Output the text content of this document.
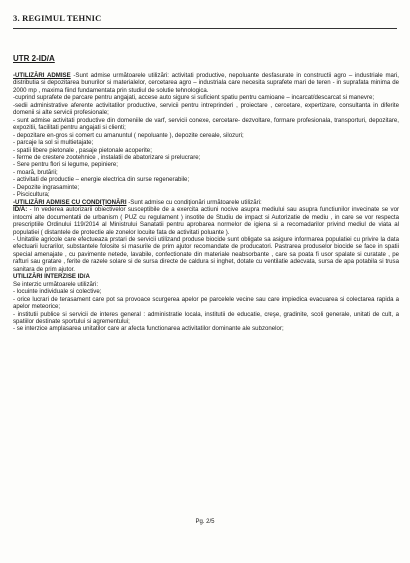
3. REGIMUL TEHNIC
UTR 2-ID/A

-UTILIZĂRI ADMISE -Sunt admise următoarele utilizări: activitati productive, nepoluante desfasurate in constructii agro – industriale mari, distributia si depozitarea bunurilor si materialelor, cercetarea agro – industriala care necesita suprafete mari de teren - in suprafata minima de 2000 mp , maxima fiind fundamentata prin studiul de solutie tehnologica.

-cuprind suprafete de parcare pentru angajati, accese auto sigure si suficient spatiu pentru camioane – incarcat/descarcat si manevre;

-sedii administrative aferente activitatilor productive, servicii pentru intreprinderi , proiectare , cercetare, expertizare, consultanta in diferite domenii si alte servicii profesionale;

- sunt admise activitati productive din domeniile de varf, servicii conexe, cercetare- dezvoltare, formare profesionala, transporturi, depozitare, expozitii, facilitati pentru angajati si clienti;

- depozitare en-gros si comert cu amanuntul ( nepoluante ), depozite cereale, silozuri;

- parcaje la sol si multietajate;

- spatii libere pietonale , pasaje pietonale acoperite;

- ferme de crestere zootehnice , instalatii de abatorizare si prelucrare;

- Sere pentru flori si legume, pepiniere;

- moară, brutării;

- activitati de productie – energie electrica din surse regenerabile;

- Depozite ingrasaminte;

- Piscicultura;

-UTILIZĂRI ADMISE CU CONDIŢIONĂRI -Sunt admise cu condiţionări următoarele utilizări:

ID/A: - In vederea autorizarii obiectivelor susceptibile de a exercita actiuni nocive asupra mediului sau asupra functiunilor invecinate se vor intocmi alte documentatii de urbanism ( PUZ cu regulament ) insotite de Studiu de impact si Autorizatie de mediu , in care se vor respecta prescriptiile Ordinului 119/2014 al Ministrului Sanatatii pentru aprobarea normelor de igiena si a recomadarilor privind mediul de viata al populatiei ( distantele de protectie ale zonelor locuite fata de activitati poluante ).

- Unitatile agricole care efectueaza prstari de servicii utilizand produse biocide sunt obligate sa asigure informarea populatiei cu privire la data efectuarii lucrarilor, substantele folosite si masurile de prim ajutor recomandate de producatori. Pastrarea produselor biocide se face in spatii special amenajate , cu pavimente netede, lavabile, confectionate din materiale neabsorbante , care sa poata fi usor spalate si curatate , pe rafturi sau gratare , ferite de razele solare si de sursa directe de caldura si inghet, dotate cu ventilatie adecvata, sursa de apa potabila si trusa sanitara de prim ajutor.

UTILIZĂRI INTERZISE ID/A

Se interzic următoarele utilizări:

- locuinte individuale si colective;

- orice lucrari de terasament care pot sa provoace scurgerea apelor pe parcelele vecine sau care impiedica evacuarea si colectarea rapida a apelor meteorice;

- institutii publice si servicii de interes general : administratie locala, institutii de educatie, creşe, gradinite, scoli generale, unitati de cult, a spatiilor destinate sportului si agrementului;

- se interzice amplasarea unitatilor care ar afecta functionarea activitatilor dominante ale subzonelor;

Pg. 2/5
